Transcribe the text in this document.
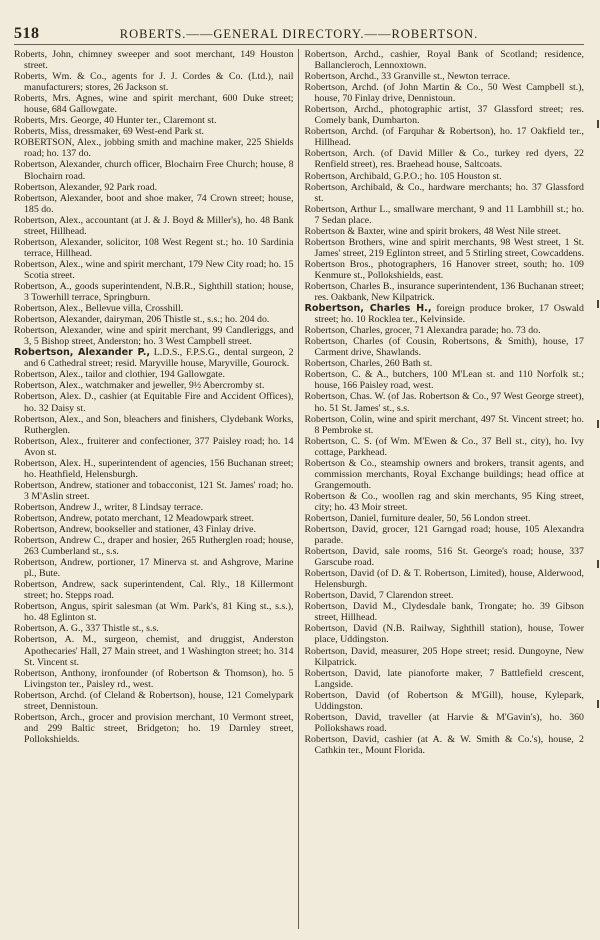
518	ROBERTS.——GENERAL DIRECTORY.——ROBERTSON.
Roberts, John, chimney sweeper and soot merchant, 149 Houston street.
Roberts, Wm. & Co., agents for J. J. Cordes & Co. (Ltd.), nail manufacturers; stores, 26 Jackson st.
Roberts, Mrs. Agnes, wine and spirit merchant, 600 Duke street; house, 684 Gallowgate.
Roberts, Mrs. George, 40 Hunter ter., Claremont st.
Roberts, Miss, dressmaker, 69 West-end Park st.
ROBERTSON, Alex., jobbing smith and machine maker, 225 Shields road; ho. 137 do.
Robertson, Alexander, church officer, Blochairn Free Church; house, 8 Blochairn road.
Robertson, Alexander, 92 Park road.
Robertson, Alexander, boot and shoe maker, 74 Crown street; house, 185 do.
Robertson, Alex., accountant (at J. & J. Boyd & Miller's), ho. 48 Bank street, Hillhead.
Robertson, Alexander, solicitor, 108 West Regent st.; ho. 10 Sardinia terrace, Hillhead.
Robertson, Alex., wine and spirit merchant, 179 New City road; ho. 15 Scotia street.
Robertson, A., goods superintendent, N.B.R., Sighthill station; house, 3 Towerhill terrace, Springburn.
Robertson, Alex., Bellevue villa, Crosshill.
Robertson, Alexander, dairyman, 206 Thistle st., s.s.; ho. 204 do.
Robertson, Alexander, wine and spirit merchant, 99 Candleriggs, and 3, 5 Bishop street, Anderston; ho. 3 West Campbell street.
Robertson, Alexander P., L.D.S., F.P.S.G., dental surgeon, 2 and 6 Cathedral street; resid. Maryville house, Maryville, Gourock.
Robertson, Alex., tailor and clothier, 194 Gallowgate.
Robertson, Alex., watchmaker and jeweller, 9½ Abercromby st.
Robertson, Alex. D., cashier (at Equitable Fire and Accident Offices), ho. 32 Daisy st.
Robertson, Alex., and Son, bleachers and finishers, Clydebank Works, Rutherglen.
Robertson, Alex., fruiterer and confectioner, 377 Paisley road; ho. 14 Avon st.
Robertson, Alex. H., superintendent of agencies, 156 Buchanan street; ho. Heathfield, Helensburgh.
Robertson, Andrew, stationer and tobacconist, 121 St. James' road; ho. 3 M'Aslin street.
Robertson, Andrew J., writer, 8 Lindsay terrace.
Robertson, Andrew, potato merchant, 12 Meadowpark street.
Robertson, Andrew, bookseller and stationer, 43 Finlay drive.
Robertson, Andrew C., draper and hosier, 265 Rutherglen road; house, 263 Cumberland st., s.s.
Robertson, Andrew, portioner, 17 Minerva st. and Ashgrove, Marine pl., Bute.
Robertson, Andrew, sack superintendent, Cal. Rly., 18 Killermont street; ho. Stepps road.
Robertson, Angus, spirit salesman (at Wm. Park's, 81 King st., s.s.), ho. 48 Eglinton st.
Robertson, A. G., 337 Thistle st., s.s.
Robertson, A. M., surgeon, chemist, and druggist, Anderston Apothecaries' Hall, 27 Main street, and 1 Washington street; ho. 314 St. Vincent st.
Robertson, Anthony, ironfounder (of Robertson & Thomson), ho. 5 Livingston ter., Paisley rd., west.
Robertson, Archd. (of Cleland & Robertson), house, 121 Comelypark street, Dennistoun.
Robertson, Arch., grocer and provision merchant, 10 Vermont street, and 299 Baltic street, Bridgeton; ho. 19 Darnley street, Pollokshields.
Robertson, Archd., cashier, Royal Bank of Scotland; residence, Ballancleroch, Lennoxtown.
Robertson, Archd., 33 Granville st., Newton terrace.
Robertson, Archd. (of John Martin & Co., 50 West Campbell st.), house, 70 Finlay drive, Dennistoun.
Robertson, Archd., photographic artist, 37 Glassford street; res. Comely bank, Dumbarton.
Robertson, Archd. (of Farquhar & Robertson), ho. 17 Oakfield ter., Hillhead.
Robertson, Arch. (of David Miller & Co., turkey red dyers, 22 Renfield street), res. Braehead house, Saltcoats.
Robertson, Archibald, G.P.O.; ho. 105 Houston st.
Robertson, Archibald, & Co., hardware merchants; ho. 37 Glassford st.
Robertson, Arthur L., smallware merchant, 9 and 11 Lambhill st.; ho. 7 Sedan place.
Robertson & Baxter, wine and spirit brokers, 48 West Nile street.
Robertson Brothers, wine and spirit merchants, 98 West street, 1 St. James' street, 219 Eglinton street, and 5 Stirling street, Cowcaddens.
Robertson Bros., photographers, 16 Hanover street, south; ho. 109 Kenmure st., Pollokshields, east.
Robertson, Charles B., insurance superintendent, 136 Buchanan street; res. Oakbank, New Kilpatrick.
Robertson, Charles H., foreign produce broker, 17 Oswald street; ho. 10 Rocklea ter., Kelvinside.
Robertson, Charles, grocer, 71 Alexandra parade; ho. 73 do.
Robertson, Charles (of Cousin, Robertsons, & Smith), house, 17 Carment drive, Shawlands.
Robertson, Charles, 260 Bath st.
Robertson, C. & A., butchers, 100 M'Lean st. and 110 Norfolk st.; house, 166 Paisley road, west.
Robertson, Chas. W. (of Jas. Robertson & Co., 97 West George street), ho. 51 St. James' st., s.s.
Robertson, Colin, wine and spirit merchant, 497 St. Vincent street; ho. 8 Pembroke st.
Robertson, C. S. (of Wm. M'Ewen & Co., 37 Bell st., city), ho. Ivy cottage, Parkhead.
Robertson & Co., steamship owners and brokers, transit agents, and commission merchants, Royal Exchange buildings; head office at Grangemouth.
Robertson & Co., woollen rag and skin merchants, 95 King street, city; ho. 43 Moir street.
Robertson, Daniel, furniture dealer, 50, 56 London street.
Robertson, David, grocer, 121 Garngad road; house, 105 Alexandra parade.
Robertson, David, sale rooms, 516 St. George's road; house, 337 Garscube road.
Robertson, David (of D. & T. Robertson, Limited), house, Alderwood, Helensburgh.
Robertson, David, 7 Clarendon street.
Robertson, David M., Clydesdale bank, Trongate; ho. 39 Gibson street, Hillhead.
Robertson, David (N.B. Railway, Sighthill station), house, Tower place, Uddingston.
Robertson, David, measurer, 205 Hope street; resid. Dungoyne, New Kilpatrick.
Robertson, David, late pianoforte maker, 7 Battlefield crescent, Langside.
Robertson, David (of Robertson & M'Gill), house, Kylepark, Uddingston.
Robertson, David, traveller (at Harvie & M'Gavin's), ho. 360 Pollokshaws road.
Robertson, David, cashier (at A. & W. Smith & Co.'s), house, 2 Cathkin ter., Mount Florida.
